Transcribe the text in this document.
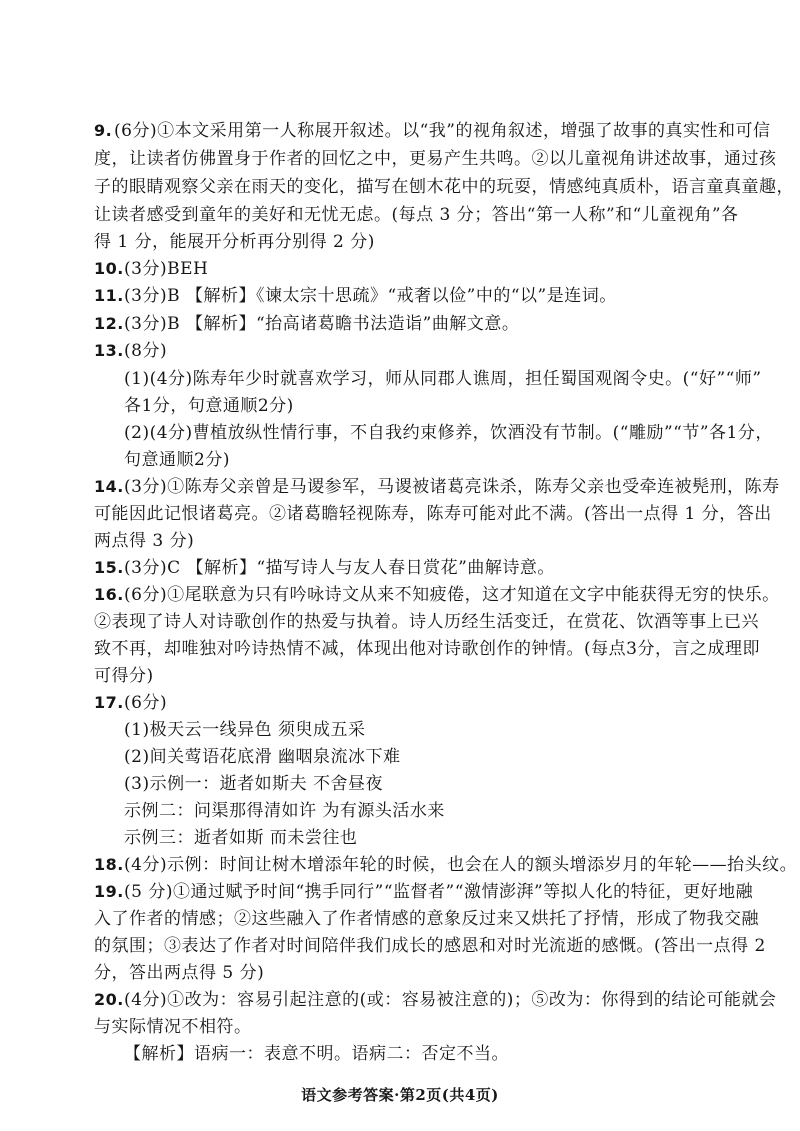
9.
10.
11.
12.
13.
14.
15.
16.
17.
18.
19.
20.
(6分)①本文采用第一人称展开叙述。以“我”的视角叙述，增强了故事的真实性和可信
度，让读者仿佛置身于作者的回忆之中，更易产生共鸣。②以儿童视角讲述故事，通过孩
子的眼睛观察父亲在雨天的变化，描写在刨木花中的玩耍，情感纯真质朴，语言童真童趣，
让读者感受到童年的美好和无忧无虑。(每点 3 分；答出“第一人称”和“儿童视角”各
得 1 分，能展开分析再分别得 2 分)
(3分)BEH
(3分)B 【解析】《谏太宗十思疏》“戒奢以俭”中的“以”是连词。
(3分)B 【解析】“抬高诸葛瞻书法造诣”曲解文意。
(8分)
(1)(4分)陈寿年少时就喜欢学习，师从同郡人谯周，担任蜀国观阁令史。(“好”“师”
各1分，句意通顺2分)
(2)(4分)曹植放纵性情行事，不自我约束修养，饮酒没有节制。(“雕励”“节”各1分，
句意通顺2分)
(3分)①陈寿父亲曾是马谡参军，马谡被诸葛亮诛杀，陈寿父亲也受牵连被髡刑，陈寿
可能因此记恨诸葛亮。②诸葛瞻轻视陈寿，陈寿可能对此不满。(答出一点得 1 分，答出
两点得 3 分)
(3分)C 【解析】“描写诗人与友人春日赏花”曲解诗意。
(6分)①尾联意为只有吟咏诗文从来不知疲倦，这才知道在文字中能获得无穷的快乐。
②表现了诗人对诗歌创作的热爱与执着。诗人历经生活变迁，在赏花、饮酒等事上已兴
致不再，却唯独对吟诗热情不减，体现出他对诗歌创作的钟情。(每点3分，言之成理即
可得分)
(6分)
(1)极天云一线异色 须臾成五采
(2)间关莺语花底滑 幽咽泉流冰下难
(3)示例一：逝者如斯夫 不舍昼夜
示例二：问渠那得清如许 为有源头活水来
示例三：逝者如斯 而未尝往也
(4分)示例：时间让树木增添年轮的时候，也会在人的额头增添岁月的年轮——抬头纹。
(5 分)①通过赋予时间“携手同行”“监督者”“激情澎湃”等拟人化的特征，更好地融
入了作者的情感；②这些融入了作者情感的意象反过来又烘托了抒情，形成了物我交融
的氛围；③表达了作者对时间陪伴我们成长的感恩和对时光流逝的感慨。(答出一点得 2
分，答出两点得 5 分)
(4分)①改为：容易引起注意的(或：容易被注意的)；⑤改为：你得到的结论可能就会
与实际情况不相符。
语文参考答案·第2页(共4页)
【解析】语病一：表意不明。语病二：否定不当。
